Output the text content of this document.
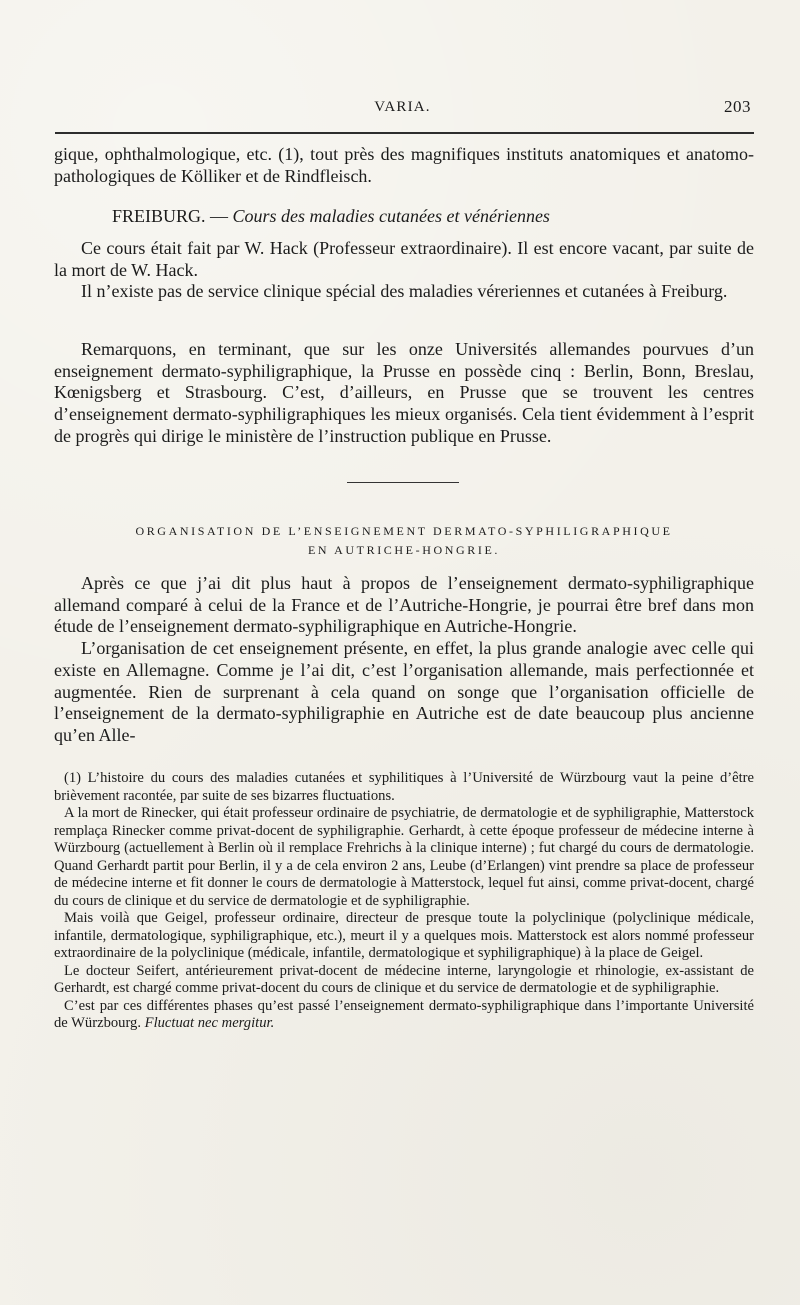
VARIA.	203

gique, ophthalmologique, etc. (1), tout près des magnifiques instituts anatomiques et anatomo-pathologiques de Kölliker et de Rindfleisch.

FREIBURG. — Cours des maladies cutanées et vénériennes

Ce cours était fait par W. Hack (Professeur extraordinaire). Il est encore vacant, par suite de la mort de W. Hack.

Il n’existe pas de service clinique spécial des maladies véreriennes et cutanées à Freiburg.

Remarquons, en terminant, que sur les onze Universités allemandes pourvues d’un enseignement dermato-syphiligraphique, la Prusse en possède cinq : Berlin, Bonn, Breslau, Kœnigsberg et Strasbourg. C’est, d’ailleurs, en Prusse que se trouvent les centres d’enseignement dermato-syphiligraphiques les mieux organisés. Cela tient évidemment à l’esprit de progrès qui dirige le ministère de l’instruction publique en Prusse.

ORGANISATION DE L’ENSEIGNEMENT DERMATO-SYPHILIGRAPHIQUE
EN AUTRICHE-HONGRIE.

Après ce que j’ai dit plus haut à propos de l’enseignement dermato-syphiligraphique allemand comparé à celui de la France et de l’Autriche-Hongrie, je pourrai être bref dans mon étude de l’enseignement dermato-syphiligraphique en Autriche-Hongrie.

L’organisation de cet enseignement présente, en effet, la plus grande analogie avec celle qui existe en Allemagne. Comme je l’ai dit, c’est l’organisation allemande, mais perfectionnée et augmentée. Rien de surprenant à cela quand on songe que l’organisation officielle de l’enseignement de la dermato-syphiligraphie en Autriche est de date beaucoup plus ancienne qu’en Alle-

(1) L’histoire du cours des maladies cutanées et syphilitiques à l’Université de Würzbourg vaut la peine d’être brièvement racontée, par suite de ses bizarres fluctuations.

A la mort de Rinecker, qui était professeur ordinaire de psychiatrie, de dermatologie et de syphiligraphie, Matterstock remplaça Rinecker comme privat-docent de syphiligraphie. Gerhardt, à cette époque professeur de médecine interne à Würzbourg (actuellement à Berlin où il remplace Frehrichs à la clinique interne) ; fut chargé du cours de dermatologie. Quand Gerhardt partit pour Berlin, il y a de cela environ 2 ans, Leube (d’Erlangen) vint prendre sa place de professeur de médecine interne et fit donner le cours de dermatologie à Matterstock, lequel fut ainsi, comme privat-docent, chargé du cours de clinique et du service de dermatologie et de syphiligraphie.

Mais voilà que Geigel, professeur ordinaire, directeur de presque toute la polyclinique (polyclinique médicale, infantile, dermatologique, syphiligraphique, etc.), meurt il y a quelques mois. Matterstock est alors nommé professeur extraordinaire de la polyclinique (médicale, infantile, dermatologique et syphiligraphique) à la place de Geigel.

Le docteur Seifert, antérieurement privat-docent de médecine interne, laryngologie et rhinologie, ex-assistant de Gerhardt, est chargé comme privat-docent du cours de clinique et du service de dermatologie et de syphiligraphie.

C’est par ces différentes phases qu’est passé l’enseignement dermato-syphiligraphique dans l’importante Université de Würzbourg. Fluctuat nec mergitur.
